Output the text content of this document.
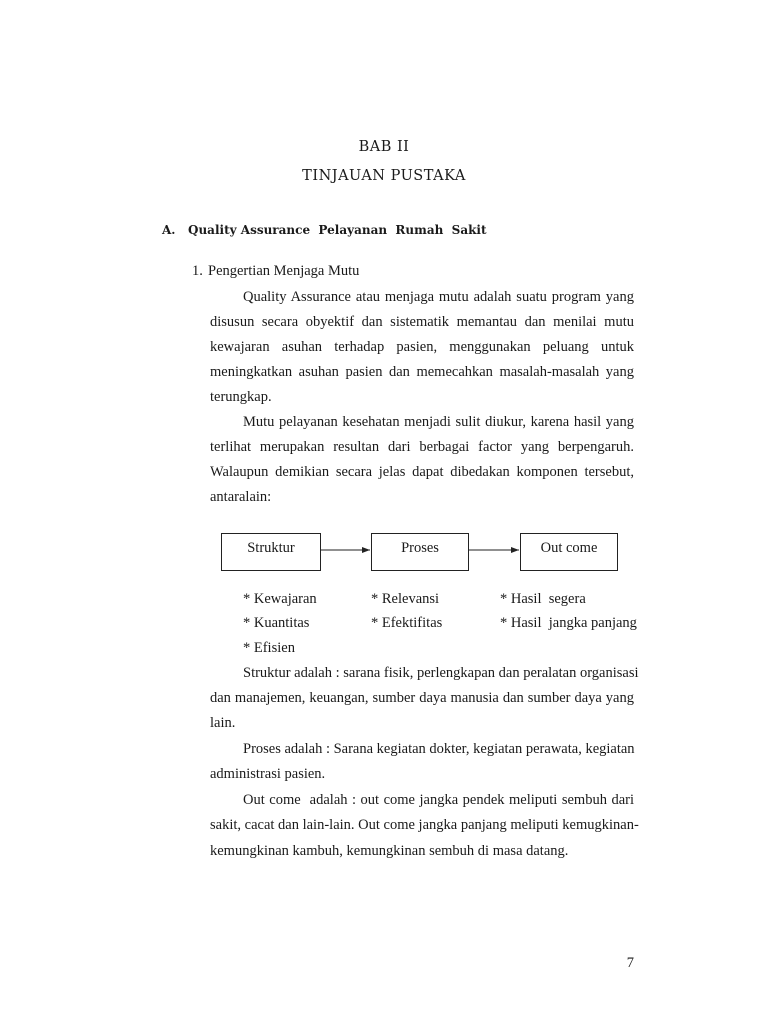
BAB II
TINJAUAN PUSTAKA
A. Quality Assurance  Pelayanan  Rumah  Sakit
1. Pengertian Menjaga Mutu
Quality Assurance atau menjaga mutu adalah suatu program yang
disusun secara obyektif dan sistematik memantau dan menilai mutu
kewajaran asuhan terhadap pasien, menggunakan peluang untuk
meningkatkan asuhan pasien dan memecahkan masalah-masalah yang
terungkap.
Mutu pelayanan kesehatan menjadi sulit diukur, karena hasil yang
terlihat merupakan resultan dari berbagai factor yang berpengaruh.
Walaupun demikian secara jelas dapat dibedakan komponen tersebut,
antaralain:
Struktur	Proses	Out come
* Kewajaran
* Kuantitas
* Efisien
* Relevansi
* Efektifitas
* Hasil  segera
* Hasil  jangka panjang
Struktur adalah : sarana fisik, perlengkapan dan peralatan organisasi
dan manajemen, keuangan, sumber daya manusia dan sumber daya yang
lain.
Proses adalah : Sarana kegiatan dokter, kegiatan perawata, kegiatan
administrasi pasien.
Out come  adalah : out come jangka pendek meliputi sembuh dari
sakit, cacat dan lain-lain. Out come jangka panjang meliputi kemugkinan-
kemungkinan kambuh, kemungkinan sembuh di masa datang.
7
